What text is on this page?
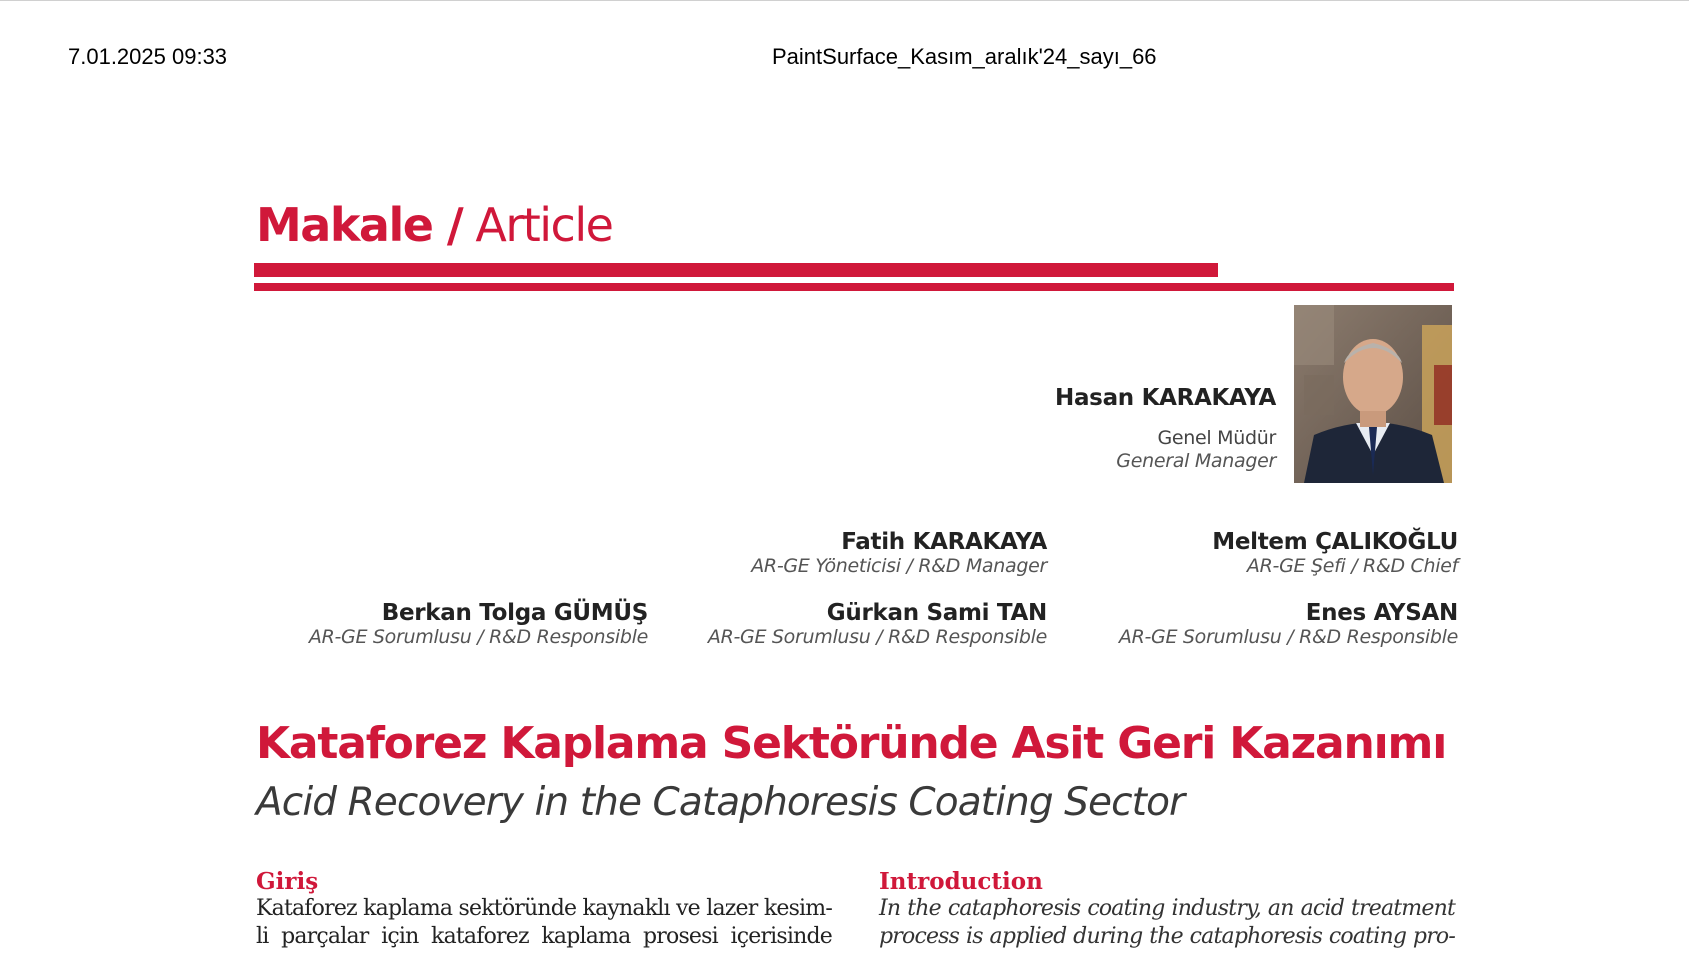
7.01.2025 09:33	PaintSurface_Kasım_aralık'24_sayı_66
Makale / Article
Hasan KARAKAYA
Genel Müdür
General Manager
Fatih KARAKAYA
AR-GE Yöneticisi / R&D Manager
Meltem ÇALIKOĞLU
AR-GE Şefi / R&D Chief
Berkan Tolga GÜMÜŞ
AR-GE Sorumlusu / R&D Responsible
Gürkan Sami TAN
AR-GE Sorumlusu / R&D Responsible
Enes AYSAN
AR-GE Sorumlusu / R&D Responsible
Kataforez Kaplama Sektöründe Asit Geri Kazanımı
Acid Recovery in the Cataphoresis Coating Sector
Giriş
Kataforez kaplama sektöründe kaynaklı ve lazer kesim-
li parçalar için kataforez kaplama prosesi içerisinde
Introduction
In the cataphoresis coating industry, an acid treatment
process is applied during the cataphoresis coating pro-
